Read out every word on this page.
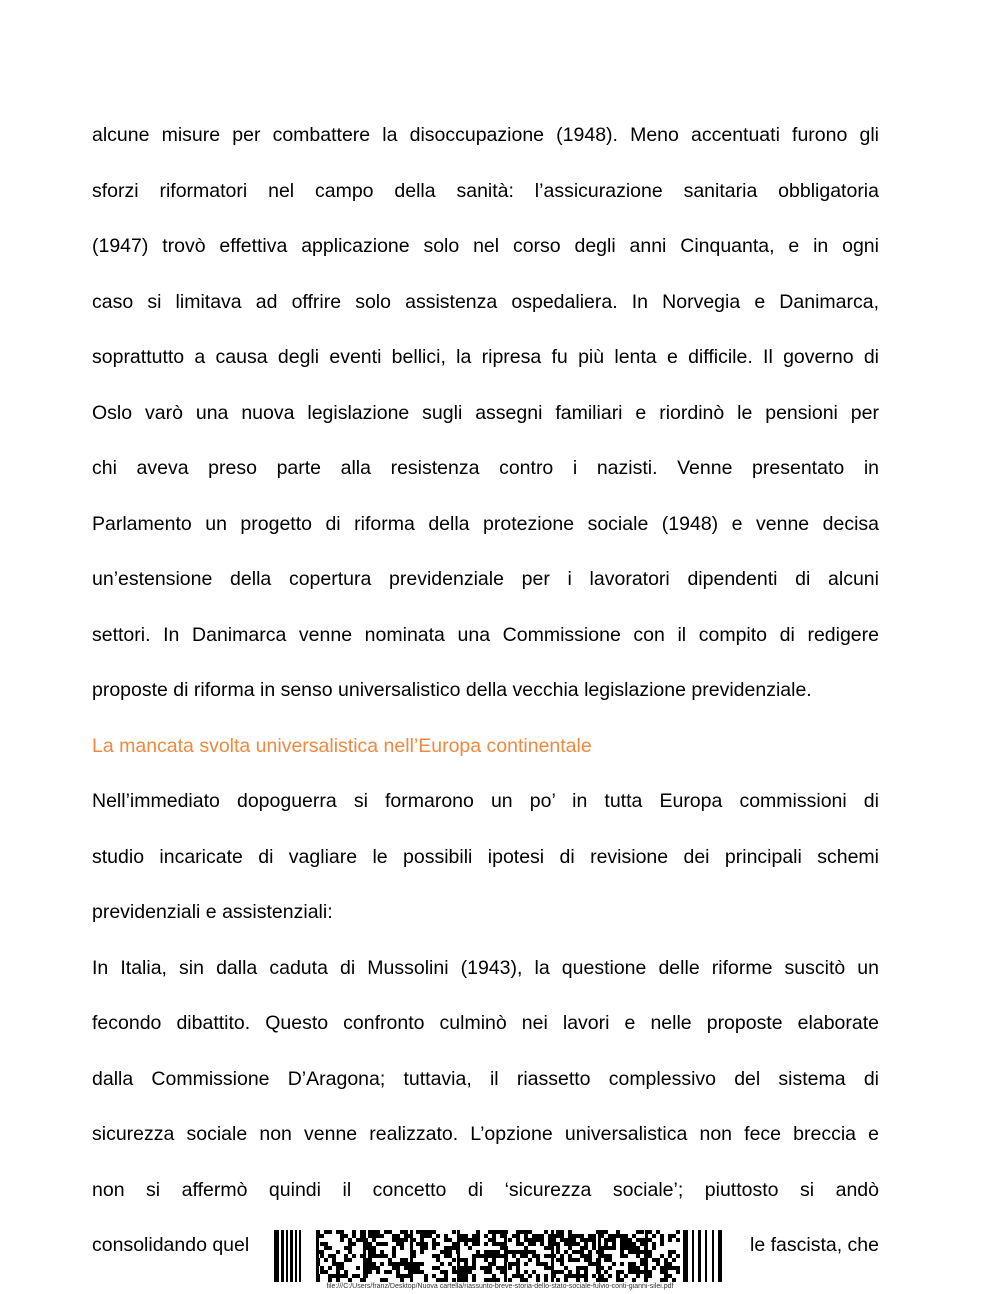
alcune misure per combattere la disoccupazione (1948). Meno accentuati furono gli
sforzi riformatori nel campo della sanità: l’assicurazione sanitaria obbligatoria
(1947) trovò effettiva applicazione solo nel corso degli anni Cinquanta, e in ogni
caso si limitava ad offrire solo assistenza ospedaliera. In Norvegia e Danimarca,
soprattutto a causa degli eventi bellici, la ripresa fu più lenta e difficile. Il governo di
Oslo varò una nuova legislazione sugli assegni familiari e riordinò le pensioni per
chi aveva preso parte alla resistenza contro i nazisti. Venne presentato in
Parlamento un progetto di riforma della protezione sociale (1948) e venne decisa
un’estensione della copertura previdenziale per i lavoratori dipendenti di alcuni
settori. In Danimarca venne nominata una Commissione con il compito di redigere
proposte di riforma in senso universalistico della vecchia legislazione previdenziale.
La mancata svolta universalistica nell’Europa continentale
Nell’immediato dopoguerra si formarono un po’ in tutta Europa commissioni di
studio incaricate di vagliare le possibili ipotesi di revisione dei principali schemi
previdenziali e assistenziali:
In Italia, sin dalla caduta di Mussolini (1943), la questione delle riforme suscitò un
fecondo dibattito. Questo confronto culminò nei lavori e nelle proposte elaborate
dalla Commissione D’Aragona; tuttavia, il riassetto complessivo del sistema di
sicurezza sociale non venne realizzato. L’opzione universalistica non fece breccia e
non si affermò quindi il concetto di ‘sicurezza sociale’; piuttosto si andò
consolidando quel	le fascista, che
file:///C:/Users/franz/Desktop/Nuova cartella/riassunto-breve-storia-dello-stato-sociale-fulvio-conti-gianni-silei.pdf
